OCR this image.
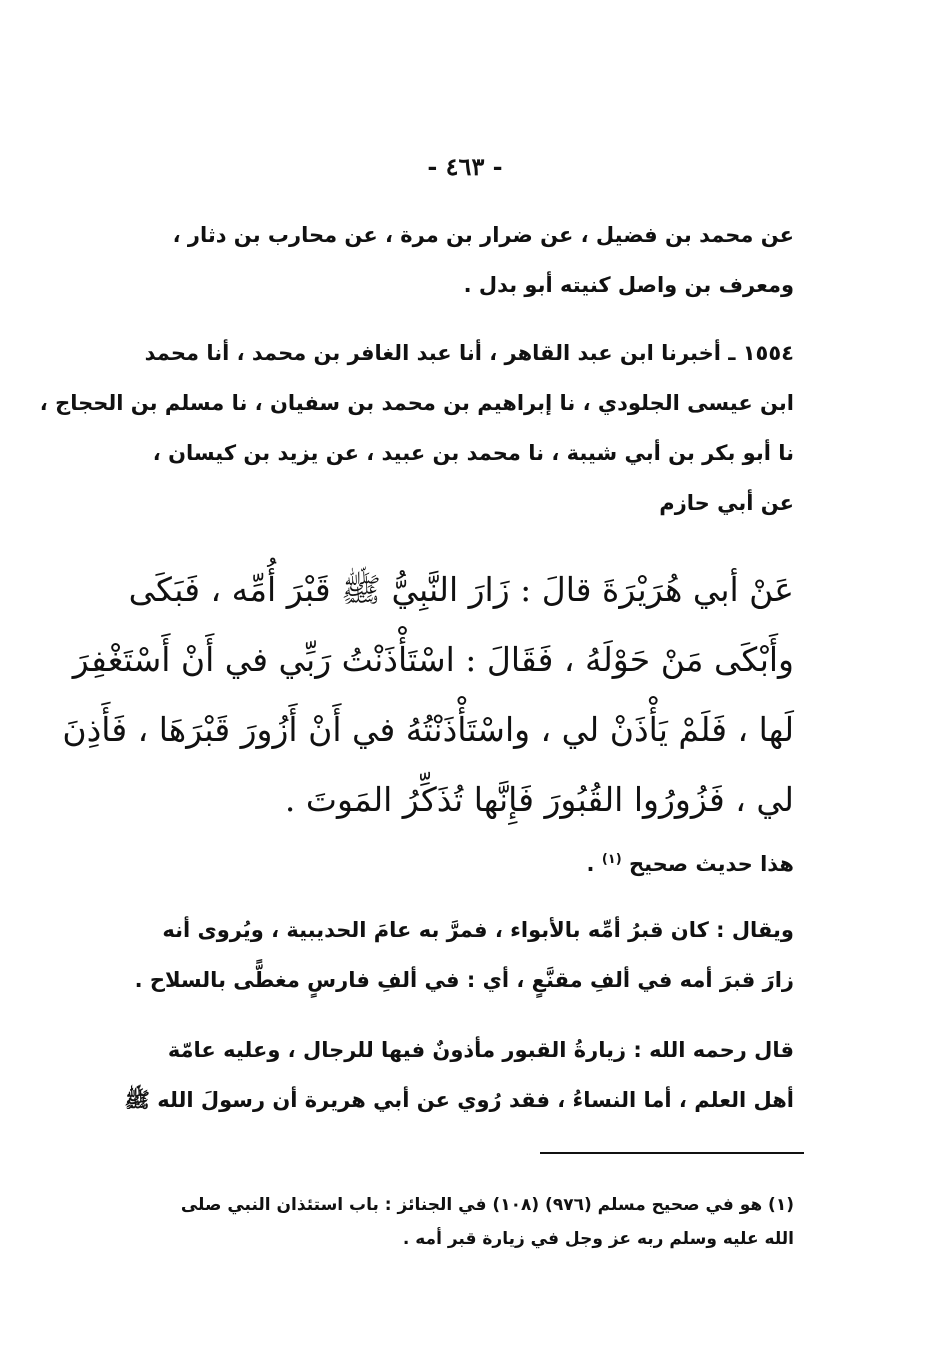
- ٤٦٣ -
عن محمد بن فضيل ، عن ضرار بن مرة ، عن محارب بن دثار ،
ومعرف بن واصل كنيته أبو بدل .
١٥٥٤ ـ أخبرنا ابن عبد القاهر ، أنا عبد الغافر بن محمد ، أنا محمد
ابن عيسى الجلودي ، نا إبراهيم بن محمد بن سفيان ، نا مسلم بن الحجاج ،
نا أبو بكر بن أبي شيبة ، نا محمد بن عبيد ، عن يزيد بن كيسان ،
عن أبي حازم
عَنْ أبي هُرَيْرَةَ قالَ : زَارَ النَّبِيُّ ﷺ قَبْرَ أُمِّه ، فَبَكَى
وأَبْكَى مَنْ حَوْلَهُ ، فَقَالَ : اسْتَأْذَنْتُ رَبِّي في أَنْ أَسْتَغْفِرَ
لَها ، فَلَمْ يَأْذَنْ لي ، واسْتَأْذَنْتُهُ في أَنْ أَزُورَ قَبْرَهَا ، فَأَذِنَ
لي ، فَزُورُوا القُبُورَ فَإِنَّها تُذَكِّرُ المَوتَ .
هذا حديث صحيح $^{(١)}$ .
ويقال : كان قبرُ أمِّه بالأبواء ، فمرَّ به عامَ الحديبية ، ويُروى أنه
زارَ قبرَ أمه في ألفِ مقنَّعٍ ، أي : في ألفِ فارسٍ مغطًّى بالسلاح .
قال رحمه الله : زيارةُ القبور مأذونٌ فيها للرجال ، وعليه عامّة
أهل العلم ، أما النساءُ ، فقد رُوي عن أبي هريرة أن رسولَ الله ﷺ
(١) هو في صحيح مسلم (٩٧٦) (١٠٨) في الجنائز : باب استئذان النبي صلى
الله عليه وسلم ربه عز وجل في زيارة قبر أمه .
